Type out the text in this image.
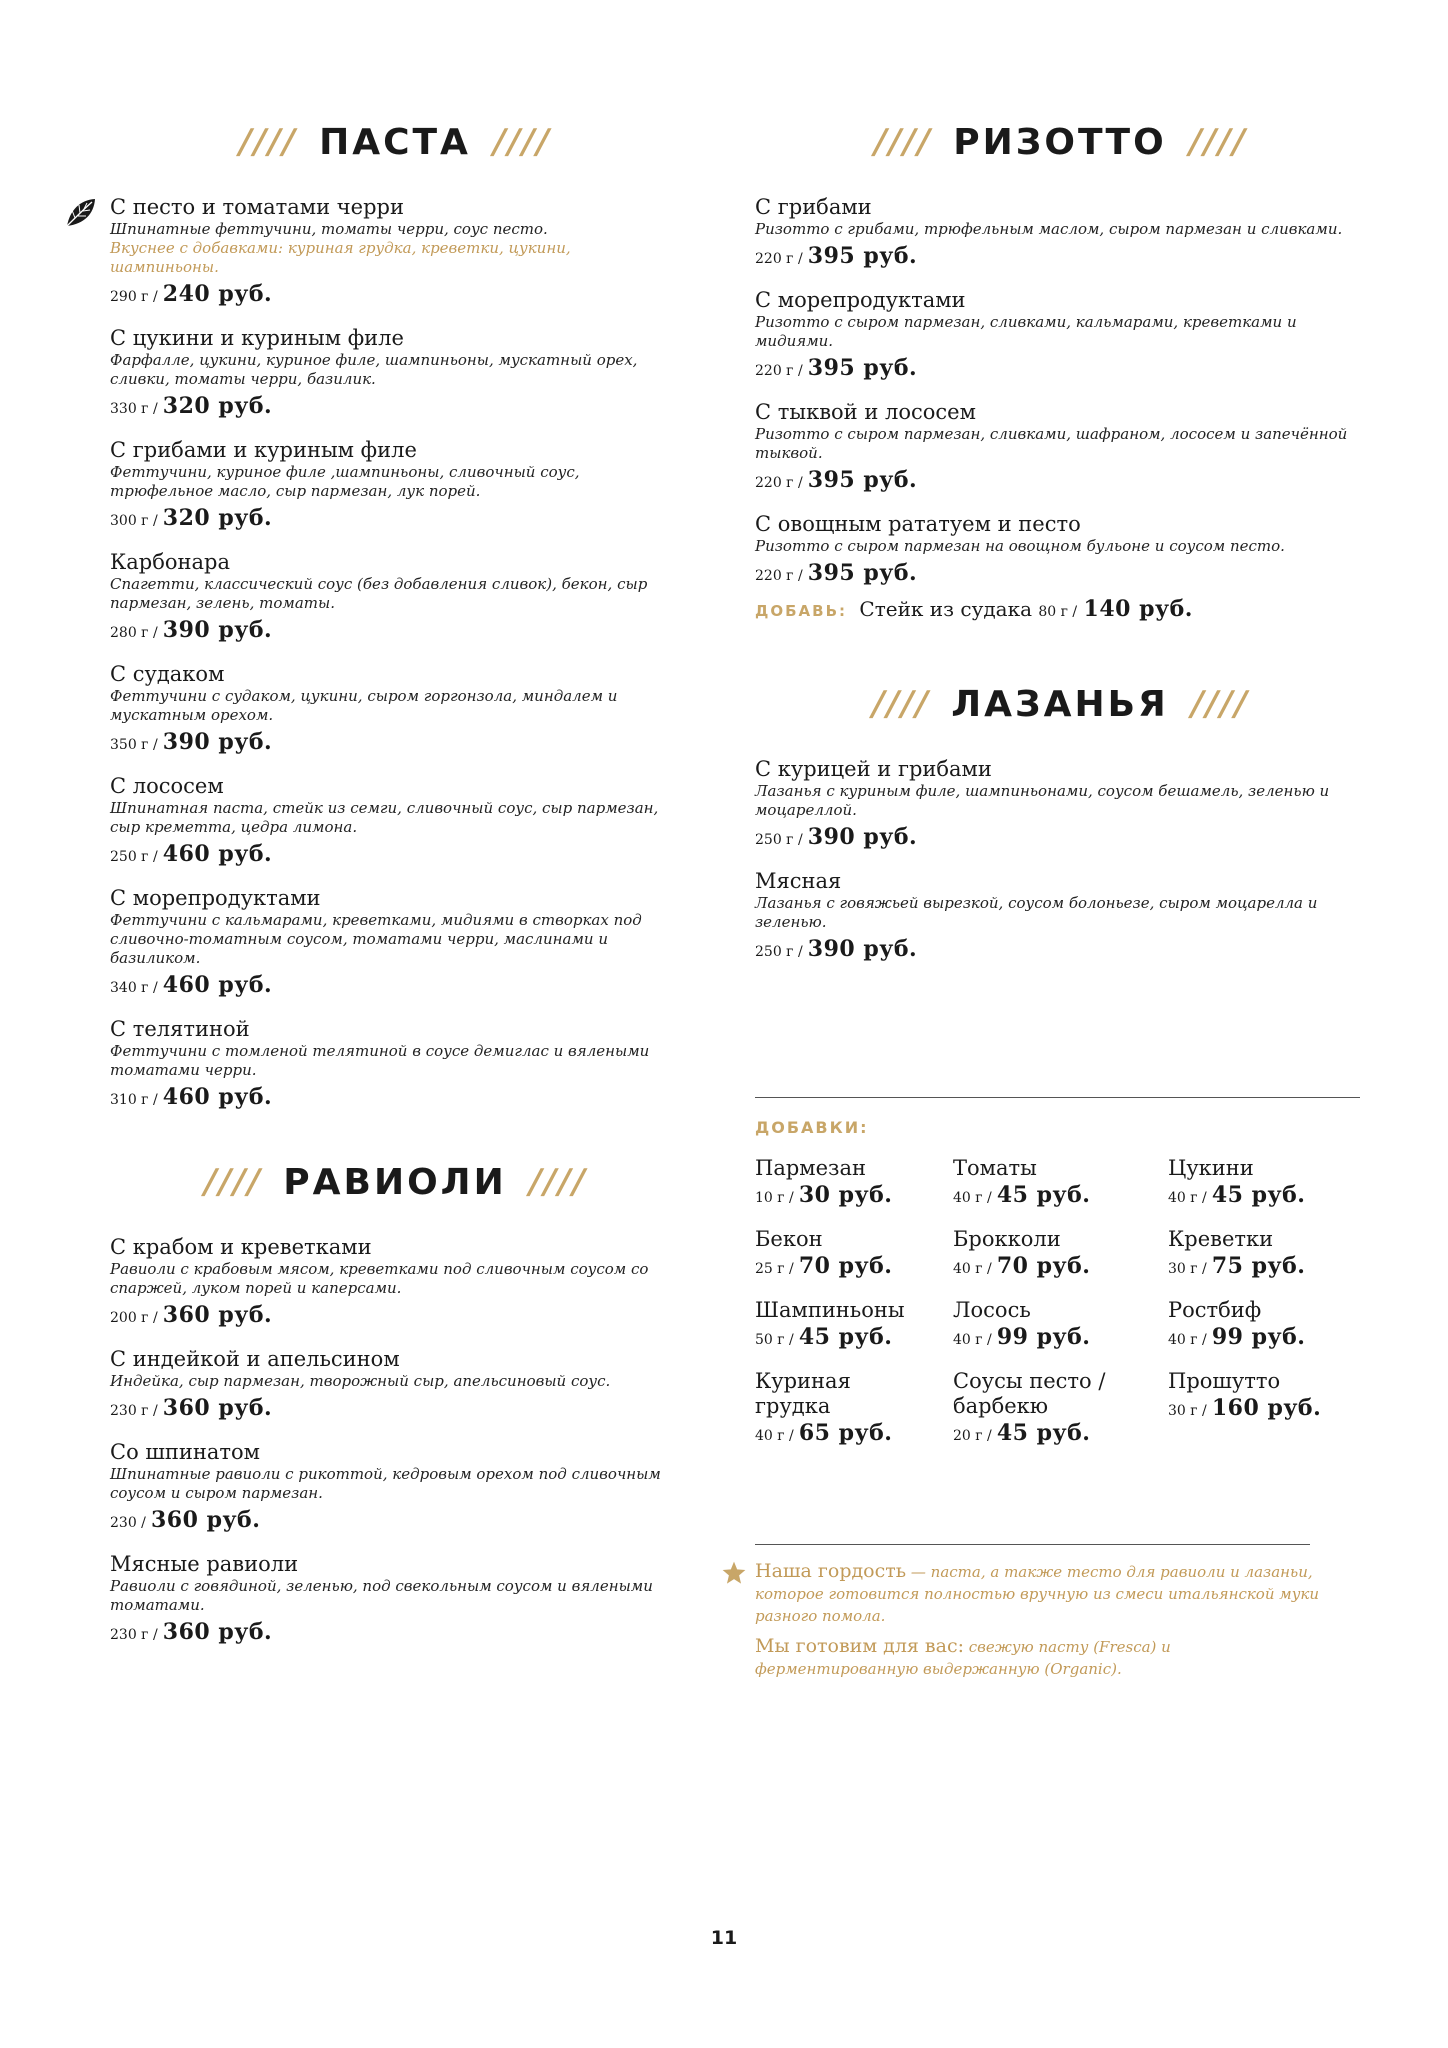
//// ПАСТА ////
С песто и томатами черри
Шпинатные феттучини, томаты черри, соус песто.
Вкуснее с добавками: куриная грудка, креветки, цукини, шампиньоны.
290 г / 240 руб.
С цукини и куриным филе
Фарфалле, цукини, куриное филе, шампиньоны, мускатный орех, сливки, томаты черри, базилик.
330 г / 320 руб.
С грибами и куриным филе
Феттучини, куриное филе ,шампиньоны, сливочный соус, трюфельное масло, сыр пармезан, лук порей.
300 г / 320 руб.
Карбонара
Спагетти, классический соус (без добавления сливок), бекон, сыр пармезан, зелень, томаты.
280 г / 390 руб.
С судаком
Феттучини с судаком, цукини, сыром горгонзола, миндалем и мускатным орехом.
350 г / 390 руб.
С лососем
Шпинатная паста, стейк из семги, сливочный соус, сыр пармезан, сыр креметта, цедра лимона.
250 г / 460 руб.
С морепродуктами
Феттучини с кальмарами, креветками, мидиями в створках под сливочно-томатным соусом, томатами черри, маслинами и базиликом.
340 г / 460 руб.
С телятиной
Феттучини с томленой телятиной в соусе демиглас и вялеными томатами черри.
310 г / 460 руб.
//// РАВИОЛИ ////
С крабом и креветками
Равиоли с крабовым мясом, креветками под сливочным соусом со спаржей, луком порей и каперсами.
200 г / 360 руб.
С индейкой и апельсином
Индейка, сыр пармезан, творожный сыр, апельсиновый соус.
230 г / 360 руб.
Со шпинатом
Шпинатные равиоли с рикоттой, кедровым орехом под сливочным соусом и сыром пармезан.
230 / 360 руб.
Мясные равиоли
Равиоли с говядиной, зеленью, под свекольным соусом и вялеными томатами.
230 г / 360 руб.
//// РИЗОТТО ////
С грибами
Ризотто с грибами, трюфельным маслом, сыром пармезан и сливками.
220 г / 395 руб.
С морепродуктами
Ризотто с сыром пармезан, сливками, кальмарами, креветками и мидиями.
220 г / 395 руб.
С тыквой и лососем
Ризотто с сыром пармезан, сливками, шафраном, лососем и запечённой тыквой.
220 г / 395 руб.
С овощным рататуем и песто
Ризотто с сыром пармезан на овощном бульоне и соусом песто.
220 г / 395 руб.
ДОБАВЬ: Стейк из судака 80 г / 140 руб.
//// ЛАЗАНЬЯ ////
С курицей и грибами
Лазанья с куриным филе, шампиньонами, соусом бешамель, зеленью и моцареллой.
250 г / 390 руб.
Мясная
Лазанья с говяжьей вырезкой, соусом болоньезе, сыром моцарелла и зеленью.
250 г / 390 руб.
ДОБАВКИ:
Пармезан
10 г / 30 руб.
Томаты
40 г / 45 руб.
Цукини
40 г / 45 руб.
Бекон
25 г / 70 руб.
Брокколи
40 г / 70 руб.
Креветки
30 г / 75 руб.
Шампиньоны
50 г / 45 руб.
Лосось
40 г / 99 руб.
Ростбиф
40 г / 99 руб.
Куриная грудка
40 г / 65 руб.
Соусы песто / барбекю
20 г / 45 руб.
Прошутто
30 г / 160 руб.

Наша гордость — паста, а также тесто для равиоли и лазаньи, которое готовится полностью вручную из смеси итальянской муки разного помола.

Мы готовим для вас: свежую пасту (Fresca) и ферментированную выдержанную (Organic).

11
